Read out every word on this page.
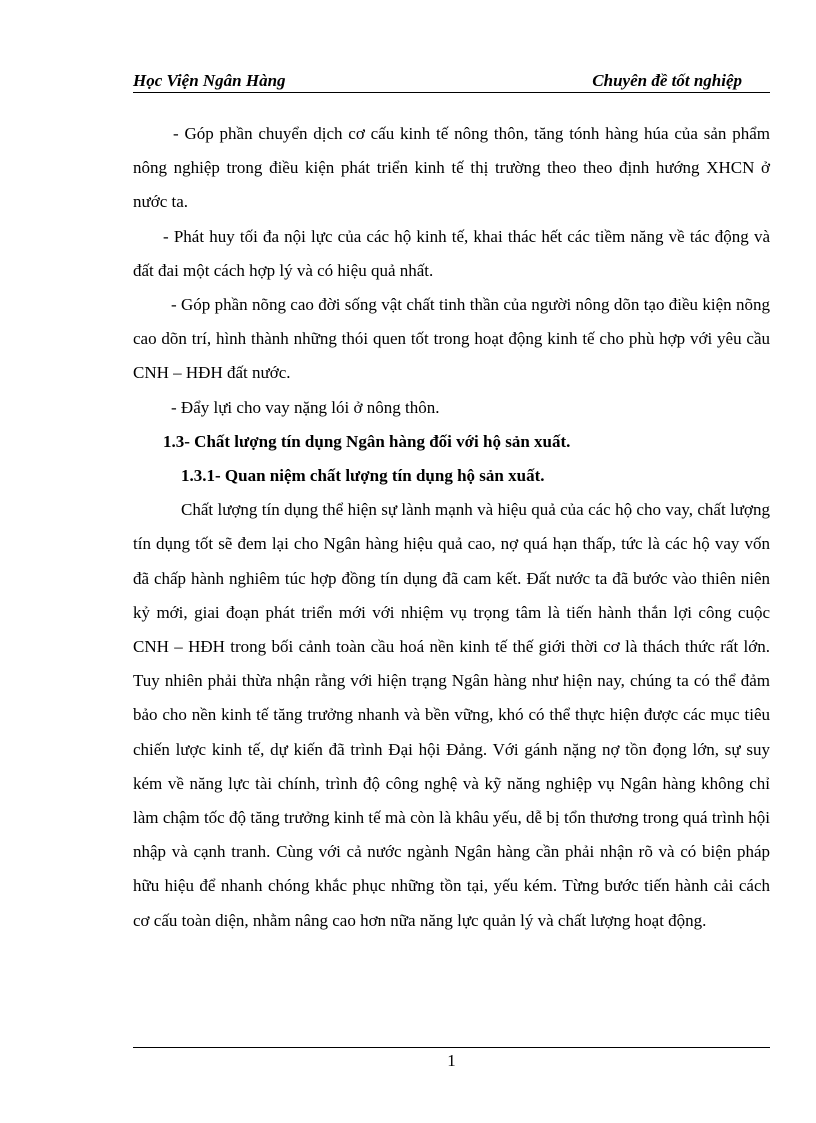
Học Viện Ngân Hàng	Chuyên đề tốt nghiệp

- Góp phần chuyển dịch cơ cấu kinh tế nông thôn, tăng tónh hàng húa của sản phẩm nông nghiệp trong điều kiện phát triển kinh tế thị trường theo theo định hướng XHCN ở nước ta.

- Phát huy tối đa nội lực của các hộ kinh tế, khai thác hết các tiềm năng về tác động và đất đai một cách hợp lý và có hiệu quả nhất.

- Góp phần nõng cao đời sống vật chất tinh thần của người nông dõn tạo điều kiện nõng cao dõn trí, hình thành những thói quen tốt trong hoạt động kinh tế cho phù hợp với yêu cầu CNH – HĐH đất nước.

- Đẩy lựi cho vay nặng lói ở nông thôn.

1.3- Chất lượng tín dụng Ngân hàng đối với hộ sản xuất.

1.3.1- Quan niệm chất lượng tín dụng hộ sản xuất.

Chất lượng tín dụng thể hiện sự lành mạnh và hiệu quả của các hộ cho vay, chất lượng tín dụng tốt sẽ đem lại cho Ngân hàng hiệu quả cao, nợ quá hạn thấp, tức là các hộ vay vốn đã chấp hành nghiêm túc hợp đồng tín dụng đã cam kết. Đất nước ta đã bước vào thiên niên kỷ mới, giai đoạn phát triển mới với nhiệm vụ trọng tâm là tiến hành thắn lợi công cuộc CNH – HĐH trong bối cảnh toàn cầu hoá nền kinh tế thế giới thời cơ là thách thức rất lớn. Tuy nhiên phải thừa nhận rằng với hiện trạng Ngân hàng như hiện nay, chúng ta có thể đảm bảo cho nền kinh tế tăng trưởng nhanh và bền vững, khó có thể thực hiện được các mục tiêu chiến lược kinh tế, dự kiến đã trình Đại hội Đảng. Với gánh nặng nợ tồn đọng lớn, sự suy kém về năng lực tài chính, trình độ công nghệ và kỹ năng nghiệp vụ Ngân hàng không chỉ làm chậm tốc độ tăng trưởng kinh tế mà còn là khâu yếu, dễ bị tổn thương trong quá trình hội nhập và cạnh tranh. Cùng với cả nước ngành Ngân hàng cần phải nhận rõ và có biện pháp hữu hiệu để nhanh chóng khắc phục những tồn tại, yếu kém. Từng bước tiến hành cải cách cơ cấu toàn diện, nhằm nâng cao hơn nữa năng lực quản lý và chất lượng hoạt động.

1
